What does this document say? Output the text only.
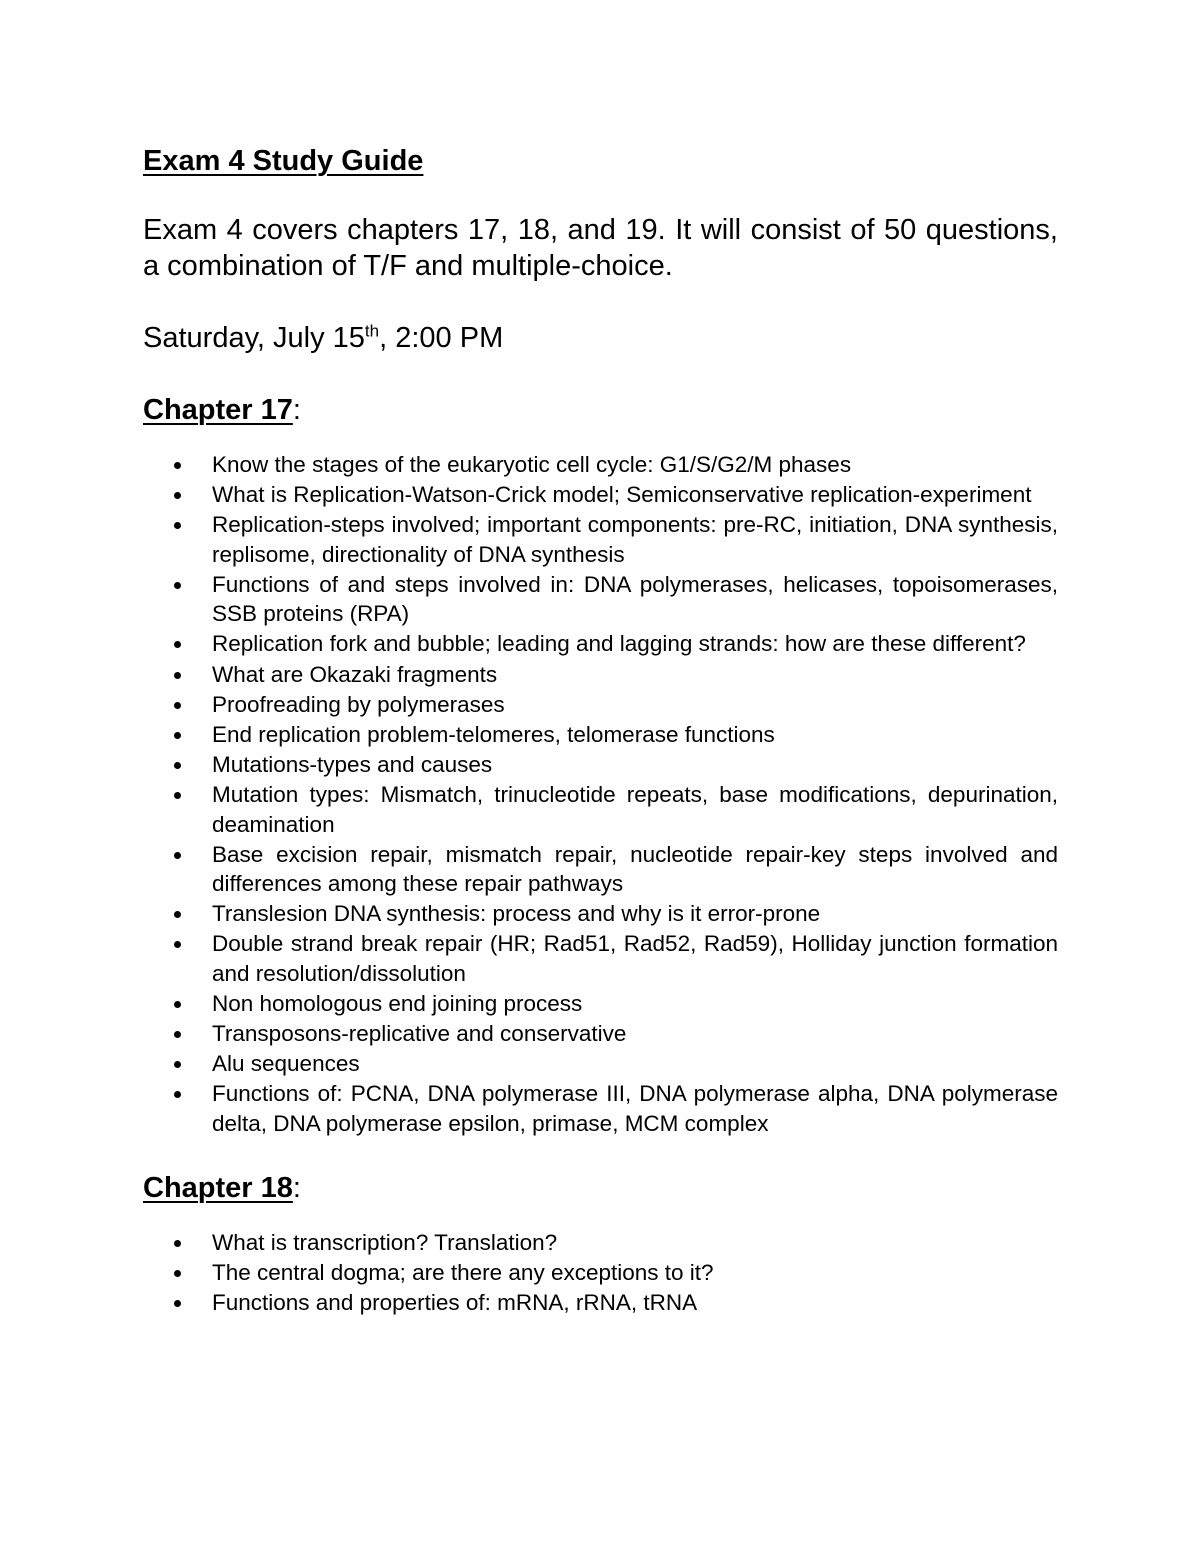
Exam 4 Study Guide

Exam 4 covers chapters 17, 18, and 19. It will consist of 50 questions, a combination of T/F and multiple-choice.

Saturday, July 15th, 2:00 PM

Chapter 17:
Know the stages of the eukaryotic cell cycle: G1/S/G2/M phases
What is Replication-Watson-Crick model; Semiconservative replication-experiment
Replication-steps involved; important components: pre-RC, initiation, DNA synthesis, replisome, directionality of DNA synthesis
Functions of and steps involved in: DNA polymerases, helicases, topoisomerases, SSB proteins (RPA)
Replication fork and bubble; leading and lagging strands: how are these different?
What are Okazaki fragments
Proofreading by polymerases
End replication problem-telomeres, telomerase functions
Mutations-types and causes
Mutation types: Mismatch, trinucleotide repeats, base modifications, depurination, deamination
Base excision repair, mismatch repair, nucleotide repair-key steps involved and differences among these repair pathways
Translesion DNA synthesis: process and why is it error-prone
Double strand break repair (HR; Rad51, Rad52, Rad59), Holliday junction formation and resolution/dissolution
Non homologous end joining process
Transposons-replicative and conservative
Alu sequences
Functions of: PCNA, DNA polymerase III, DNA polymerase alpha, DNA polymerase delta, DNA polymerase epsilon, primase, MCM complex
Chapter 18:
What is transcription? Translation?
The central dogma; are there any exceptions to it?
Functions and properties of: mRNA, rRNA, tRNA
